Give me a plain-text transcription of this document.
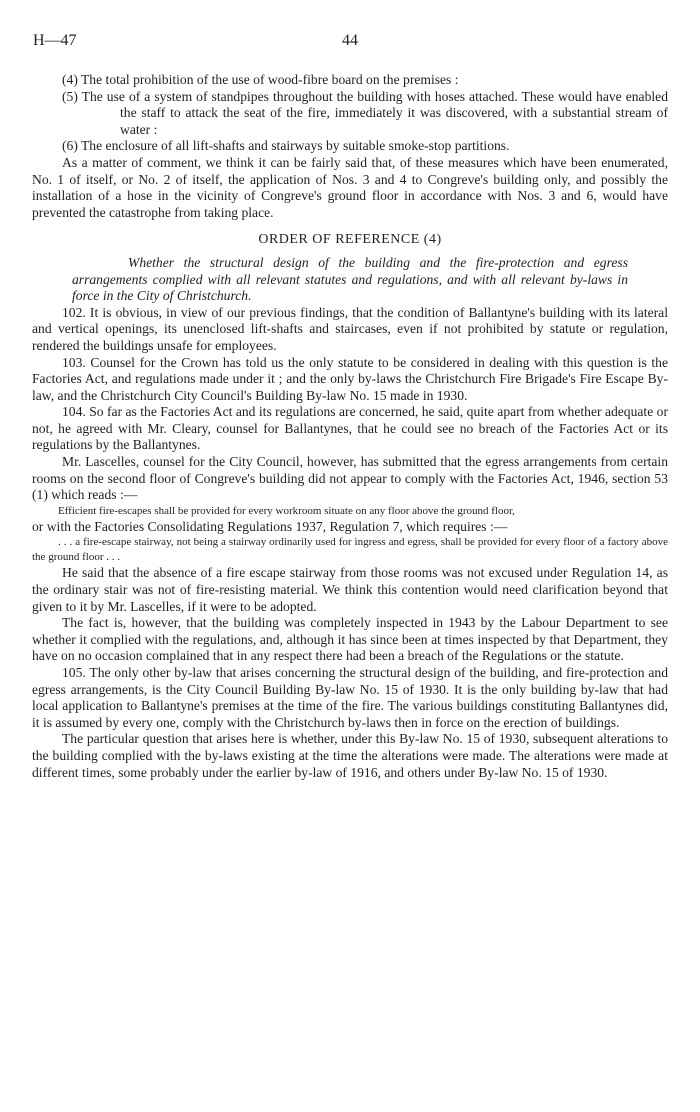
H—47	44

(4) The total prohibition of the use of wood-fibre board on the premises :

(5) The use of a system of standpipes throughout the building with hoses attached. These would have enabled the staff to attack the seat of the fire, immediately it was discovered, with a substantial stream of water :

(6) The enclosure of all lift-shafts and stairways by suitable smoke-stop partitions.

As a matter of comment, we think it can be fairly said that, of these measures which have been enumerated, No. 1 of itself, or No. 2 of itself, the application of Nos. 3 and 4 to Congreve's building only, and possibly the installation of a hose in the vicinity of Congreve's ground floor in accordance with Nos. 3 and 6, would have prevented the catastrophe from taking place.

ORDER OF REFERENCE (4)

Whether the structural design of the building and the fire-protection and egress arrangements complied with all relevant statutes and regulations, and with all relevant by-laws in force in the City of Christchurch.

102. It is obvious, in view of our previous findings, that the condition of Ballantyne's building with its lateral and vertical openings, its unenclosed lift-shafts and staircases, even if not prohibited by statute or regulation, rendered the buildings unsafe for employees.

103. Counsel for the Crown has told us the only statute to be considered in dealing with this question is the Factories Act, and regulations made under it ; and the only by-laws the Christchurch Fire Brigade's Fire Escape By-law, and the Christchurch City Council's Building By-law No. 15 made in 1930.

104. So far as the Factories Act and its regulations are concerned, he said, quite apart from whether adequate or not, he agreed with Mr. Cleary, counsel for Ballantynes, that he could see no breach of the Factories Act or its regulations by the Ballantynes.

Mr. Lascelles, counsel for the City Council, however, has submitted that the egress arrangements from certain rooms on the second floor of Congreve's building did not appear to comply with the Factories Act, 1946, section 53 (1) which reads :—

Efficient fire-escapes shall be provided for every workroom situate on any floor above the ground floor,

or with the Factories Consolidating Regulations 1937, Regulation 7, which requires :—

. . . a fire-escape stairway, not being a stairway ordinarily used for ingress and egress, shall be provided for every floor of a factory above the ground floor . . .

He said that the absence of a fire escape stairway from those rooms was not excused under Regulation 14, as the ordinary stair was not of fire-resisting material. We think this contention would need clarification beyond that given to it by Mr. Lascelles, if it were to be adopted.

The fact is, however, that the building was completely inspected in 1943 by the Labour Department to see whether it complied with the regulations, and, although it has since been at times inspected by that Department, they have on no occasion complained that in any respect there had been a breach of the Regulations or the statute.

105. The only other by-law that arises concerning the structural design of the building, and fire-protection and egress arrangements, is the City Council Building By-law No. 15 of 1930. It is the only building by-law that had local application to Ballantyne's premises at the time of the fire. The various buildings constituting Ballantynes did, it is assumed by every one, comply with the Christchurch by-laws then in force on the erection of buildings.

The particular question that arises here is whether, under this By-law No. 15 of 1930, subsequent alterations to the building complied with the by-laws existing at the time the alterations were made. The alterations were made at different times, some probably under the earlier by-law of 1916, and others under By-law No. 15 of 1930.
